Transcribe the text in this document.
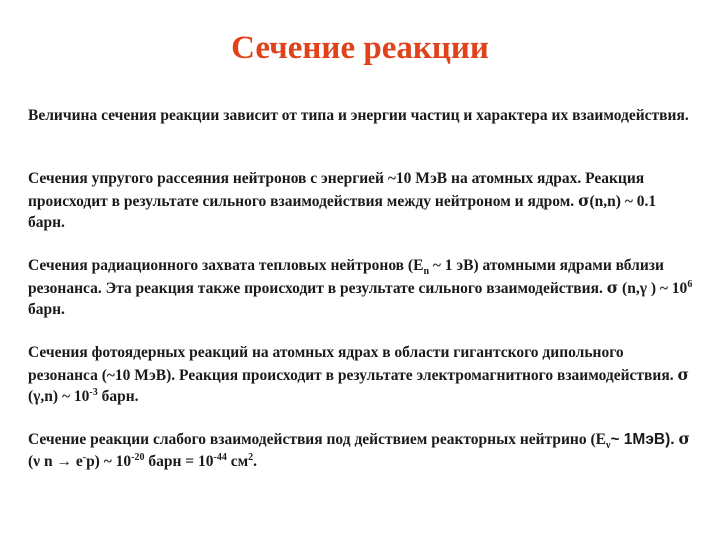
Сечение реакции
Величина сечения реакции зависит от типа и энергии частиц и характера их взаимодействия.
Сечения упругого рассеяния нейтронов с энергией ~10 МэВ на атомных ядрах. Реакция происходит в результате сильного взаимодействия между нейтроном и ядром. σ(n,n) ~ 0.1 барн.
Сечения радиационного захвата тепловых нейтронов ($E_n$ ~ 1 эВ) атомными ядрами вблизи резонанса. Эта реакция также происходит в результате сильного взаимодействия. σ (n,γ ) ~ $10^6$ барн.
Сечения фотоядерных реакций на атомных ядрах в области гигантского дипольного резонанса (~10 МэВ). Реакция происходит в результате электромагнитного взаимодействия. σ (γ,n) ~ $10^{-3}$ барн.
Сечение реакции слабого взаимодействия под действием реакторных нейтрино ($E_\nu\sim$ 1МэВ). σ (ν n → e-p) ~ $10^{-20}$ барн = $10^{-44}$ $см^2$.
